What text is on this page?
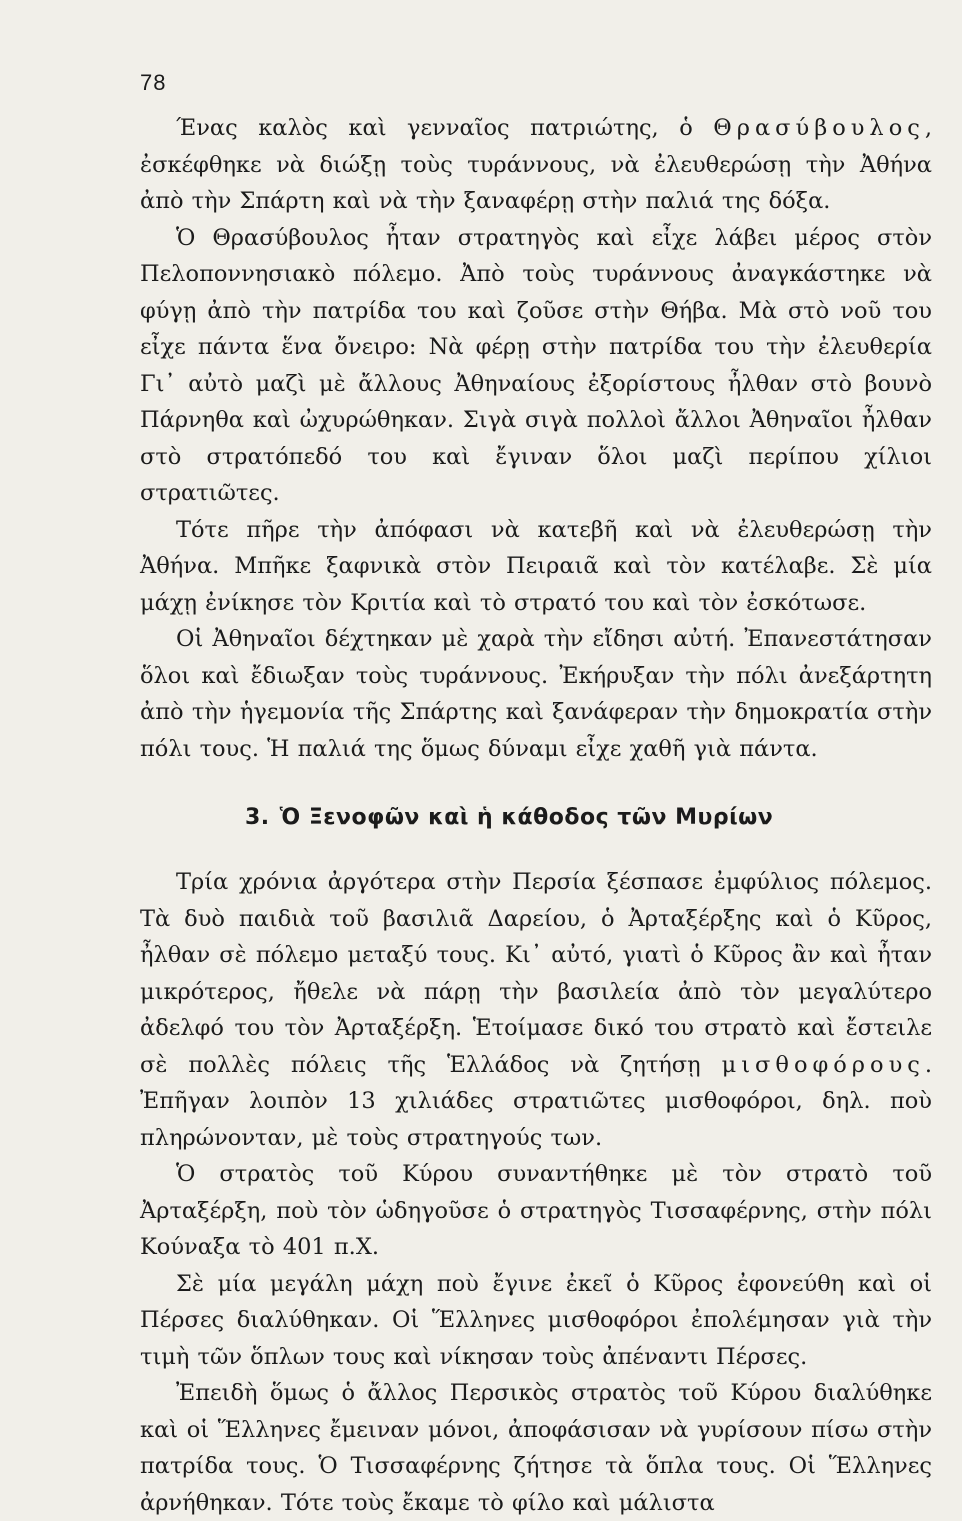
78

Ένας καλὸς καὶ γενναῖος πατριώτης, ὁ Θρασύβουλος, ἐσκέφθηκε νὰ διώξῃ τοὺς τυράννους, νὰ ἐλευθερώσῃ τὴν Ἀθήνα ἀπὸ τὴν Σπάρτη καὶ νὰ τὴν ξαναφέρῃ στὴν παλιά της δόξα.

Ὁ Θρασύβουλος ἦταν στρατηγὸς καὶ εἶχε λάβει μέρος στὸν Πελοποννησιακὸ πόλεμο. Ἀπὸ τοὺς τυράννους ἀναγκάστηκε νὰ φύγῃ ἀπὸ τὴν πατρίδα του καὶ ζοῦσε στὴν Θήβα. Μὰ στὸ νοῦ του εἶχε πάντα ἕνα ὄνειρο: Νὰ φέρῃ στὴν πατρίδα του τὴν ἐλευθερία Γι᾿ αὐτὸ μαζὶ μὲ ἄλλους Ἀθηναίους ἐξορίστους ἦλθαν στὸ βουνὸ Πάρνηθα καὶ ὠχυρώθηκαν. Σιγὰ σιγὰ πολλοὶ ἄλλοι Ἀθηναῖοι ἦλθαν στὸ στρατόπεδό του καὶ ἔγιναν ὅλοι μαζὶ περίπου χίλιοι στρατιῶτες.

Τότε πῆρε τὴν ἀπόφασι νὰ κατεβῆ καὶ νὰ ἐλευθερώσῃ τὴν Ἀθήνα. Μπῆκε ξαφνικὰ στὸν Πειραιᾶ καὶ τὸν κατέλαβε. Σὲ μία μάχῃ ἐνίκησε τὸν Κριτία καὶ τὸ στρατό του καὶ τὸν ἐσκότωσε.

Οἱ Ἀθηναῖοι δέχτηκαν μὲ χαρὰ τὴν εἴδησι αὐτή. Ἐπανεστάτησαν ὅλοι καὶ ἔδιωξαν τοὺς τυράννους. Ἐκήρυξαν τὴν πόλι ἀνεξάρτητη ἀπὸ τὴν ἡγεμονία τῆς Σπάρτης καὶ ξανάφεραν τὴν δημοκρατία στὴν πόλι τους. Ἡ παλιά της ὅμως δύναμι εἶχε χαθῆ γιὰ πάντα.

3. Ὁ Ξενοφῶν καὶ ἡ κάθοδος τῶν Μυρίων

Τρία χρόνια ἀργότερα στὴν Περσία ξέσπασε ἐμφύλιος πόλεμος. Τὰ δυὸ παιδιὰ τοῦ βασιλιᾶ Δαρείου, ὁ Ἀρταξέρξης καὶ ὁ Κῦρος, ἦλθαν σὲ πόλεμο μεταξύ τους. Κι᾿ αὐτό, γιατὶ ὁ Κῦρος ἂν καὶ ἦταν μικρότερος, ἤθελε νὰ πάρῃ τὴν βασιλεία ἀπὸ τὸν μεγαλύτερο ἀδελφό του τὸν Ἀρταξέρξη. Ἑτοίμασε δικό του στρατὸ καὶ ἔστειλε σὲ πολλὲς πόλεις τῆς Ἑλλάδος νὰ ζητήσῃ μισθοφόρους. Ἐπῆγαν λοιπὸν 13 χιλιάδες στρατιῶτες μισθοφόροι, δηλ. ποὺ πληρώνονταν, μὲ τοὺς στρατηγούς των.

Ὁ στρατὸς τοῦ Κύρου συναντήθηκε μὲ τὸν στρατὸ τοῦ Ἀρταξέρξη, ποὺ τὸν ὡδηγοῦσε ὁ στρατηγὸς Τισσαφέρνης, στὴν πόλι Κούναξα τὸ 401 π.Χ.

Σὲ μία μεγάλη μάχη ποὺ ἔγινε ἐκεῖ ὁ Κῦρος ἐφονεύθη καὶ οἱ Πέρσες διαλύθηκαν. Οἱ Ἕλληνες μισθοφόροι ἐπολέμησαν γιὰ τὴν τιμὴ τῶν ὅπλων τους καὶ νίκησαν τοὺς ἀπέναντι Πέρσες.

Ἐπειδὴ ὅμως ὁ ἄλλος Περσικὸς στρατὸς τοῦ Κύρου διαλύθηκε καὶ οἱ Ἕλληνες ἔμειναν μόνοι, ἀποφάσισαν νὰ γυρίσουν πίσω στὴν πατρίδα τους. Ὁ Τισσαφέρνης ζήτησε τὰ ὅπλα τους. Οἱ Ἕλληνες ἀρνήθηκαν. Τότε τοὺς ἔκαμε τὸ φίλο καὶ μάλιστα
